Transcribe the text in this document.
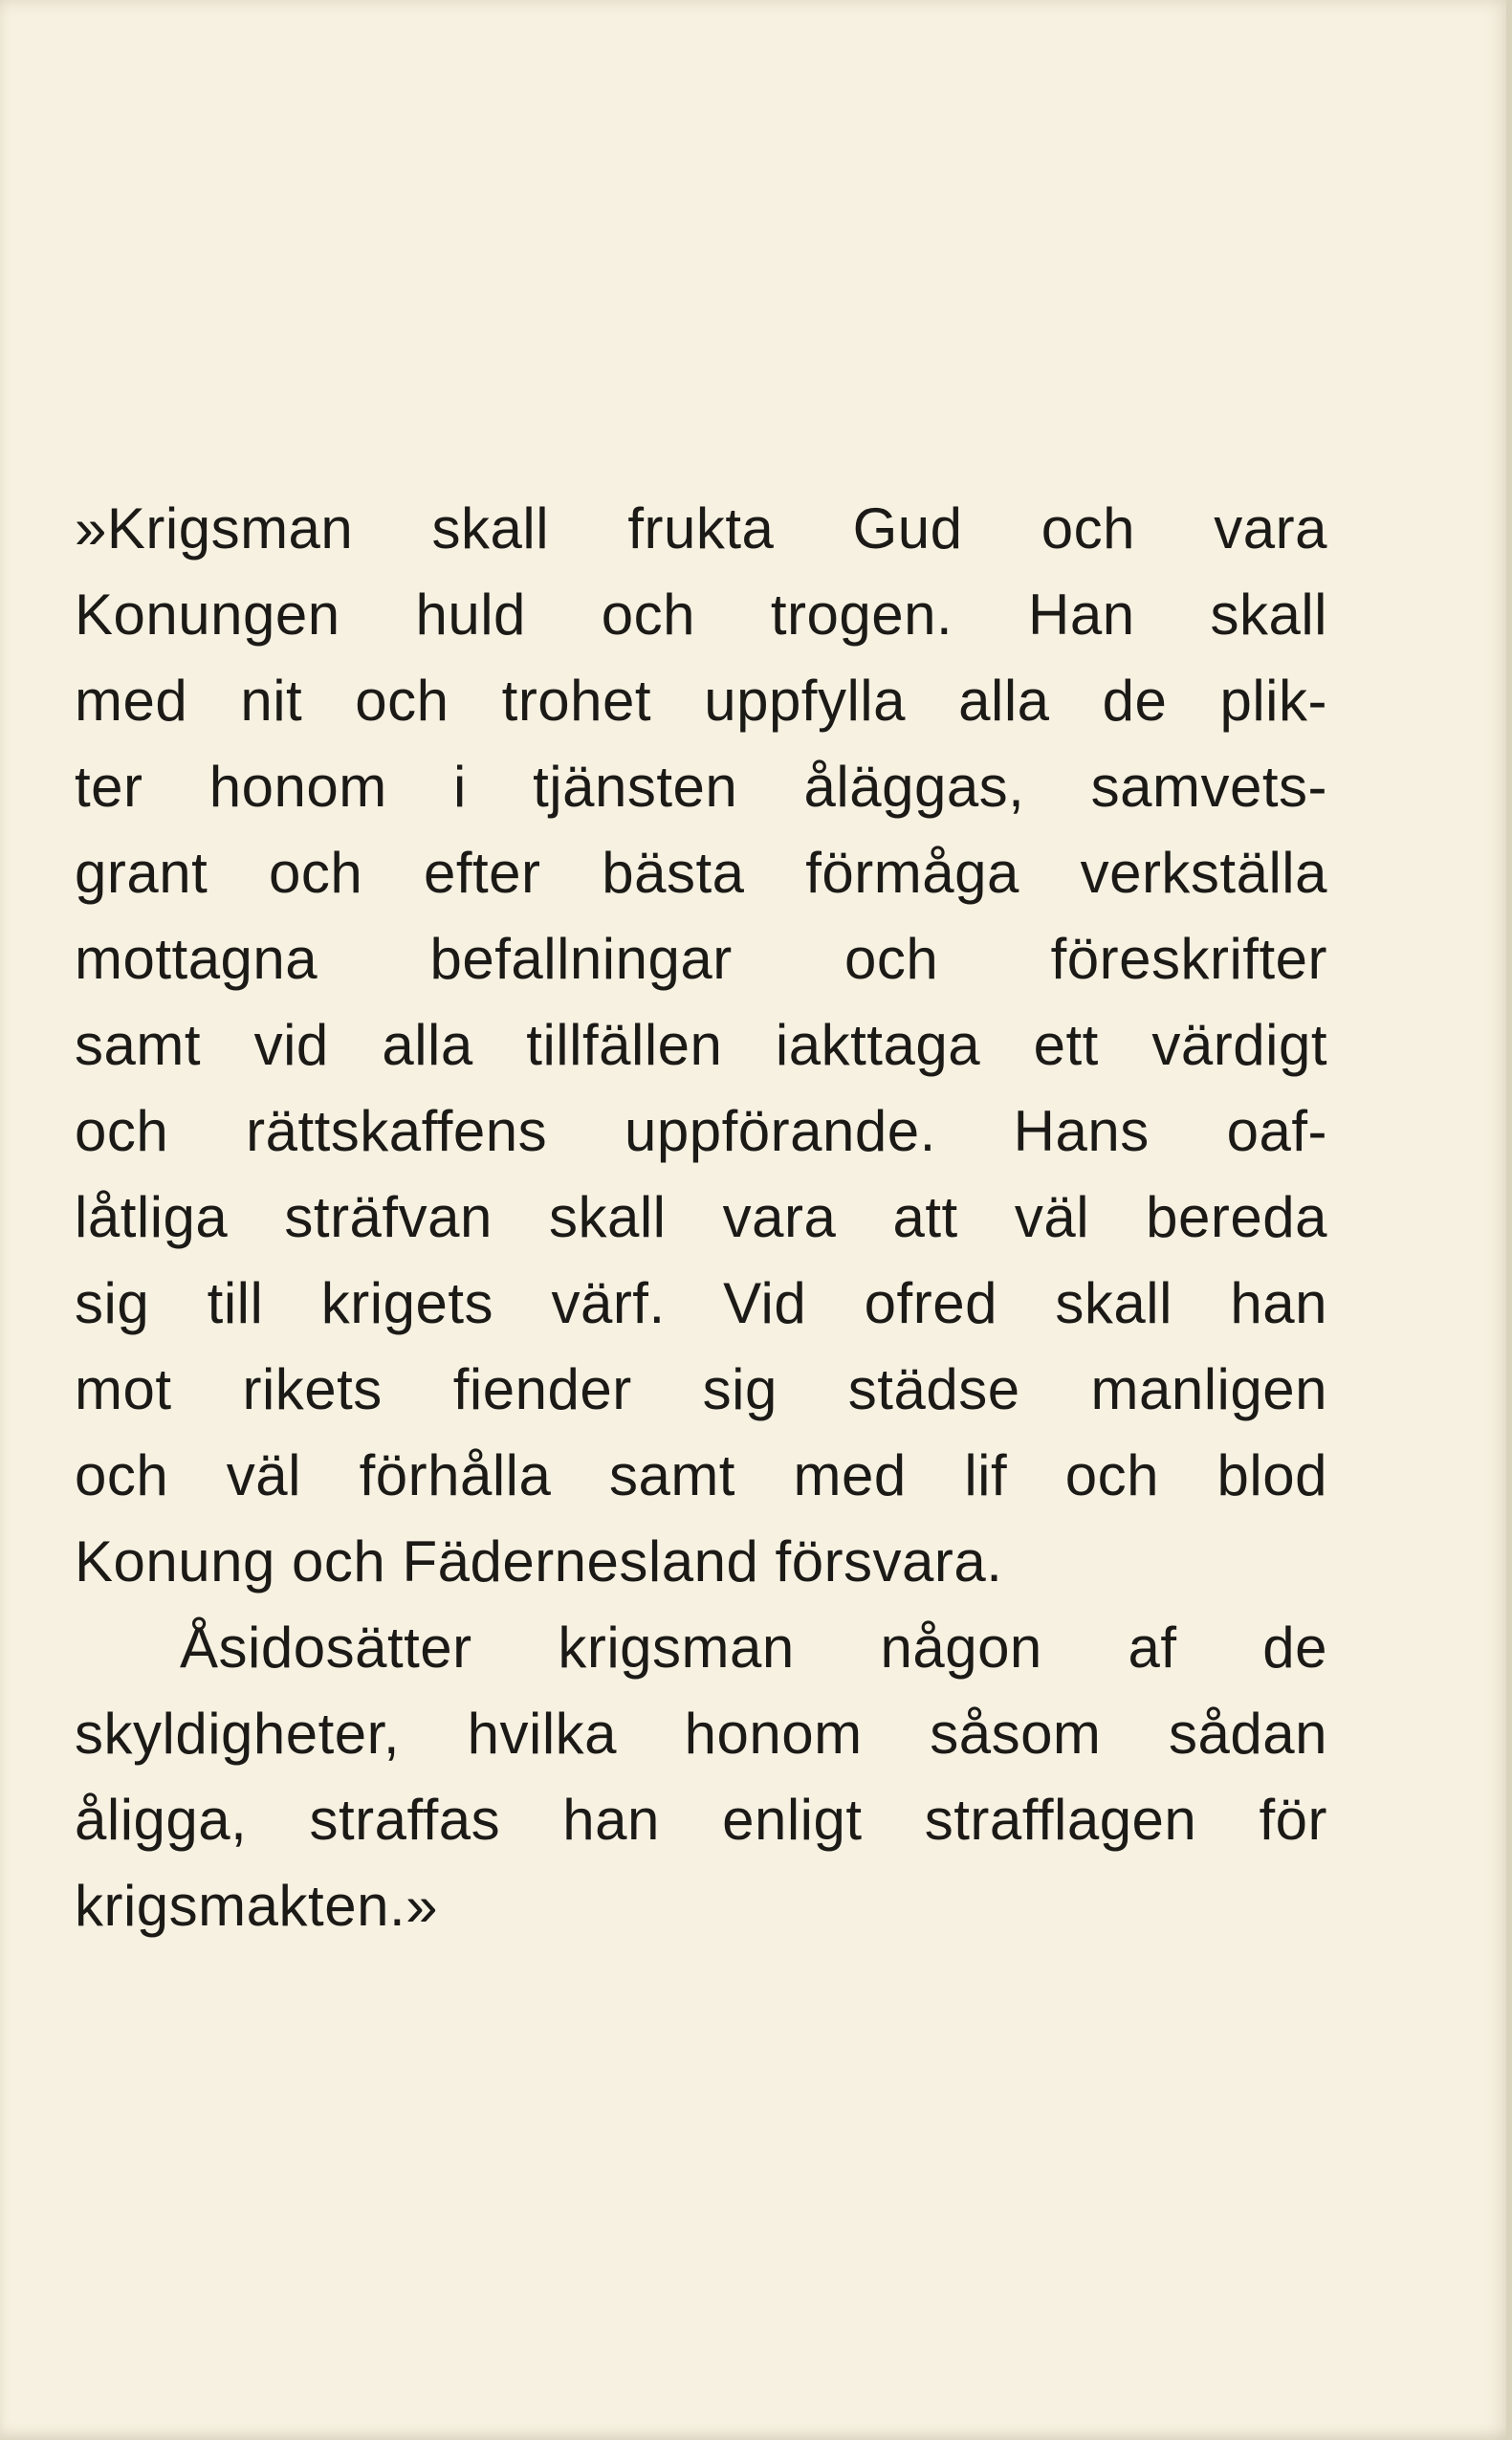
»Krigsman skall frukta Gud och vara
Konungen huld och trogen. Han skall
med nit och trohet uppfylla alla de plik-
ter honom i tjänsten åläggas, samvets-
grant och efter bästa förmåga verkställa
mottagna befallningar och föreskrifter
samt vid alla tillfällen iakttaga ett värdigt
och rättskaffens uppförande. Hans oaf-
låtliga sträfvan skall vara att väl bereda
sig till krigets värf. Vid ofred skall han
mot rikets fiender sig städse manligen
och väl förhålla samt med lif och blod
Konung och Fädernesland försvara.
Åsidosätter krigsman någon af de
skyldigheter, hvilka honom såsom sådan
åligga, straffas han enligt strafflagen för
krigsmakten.»
